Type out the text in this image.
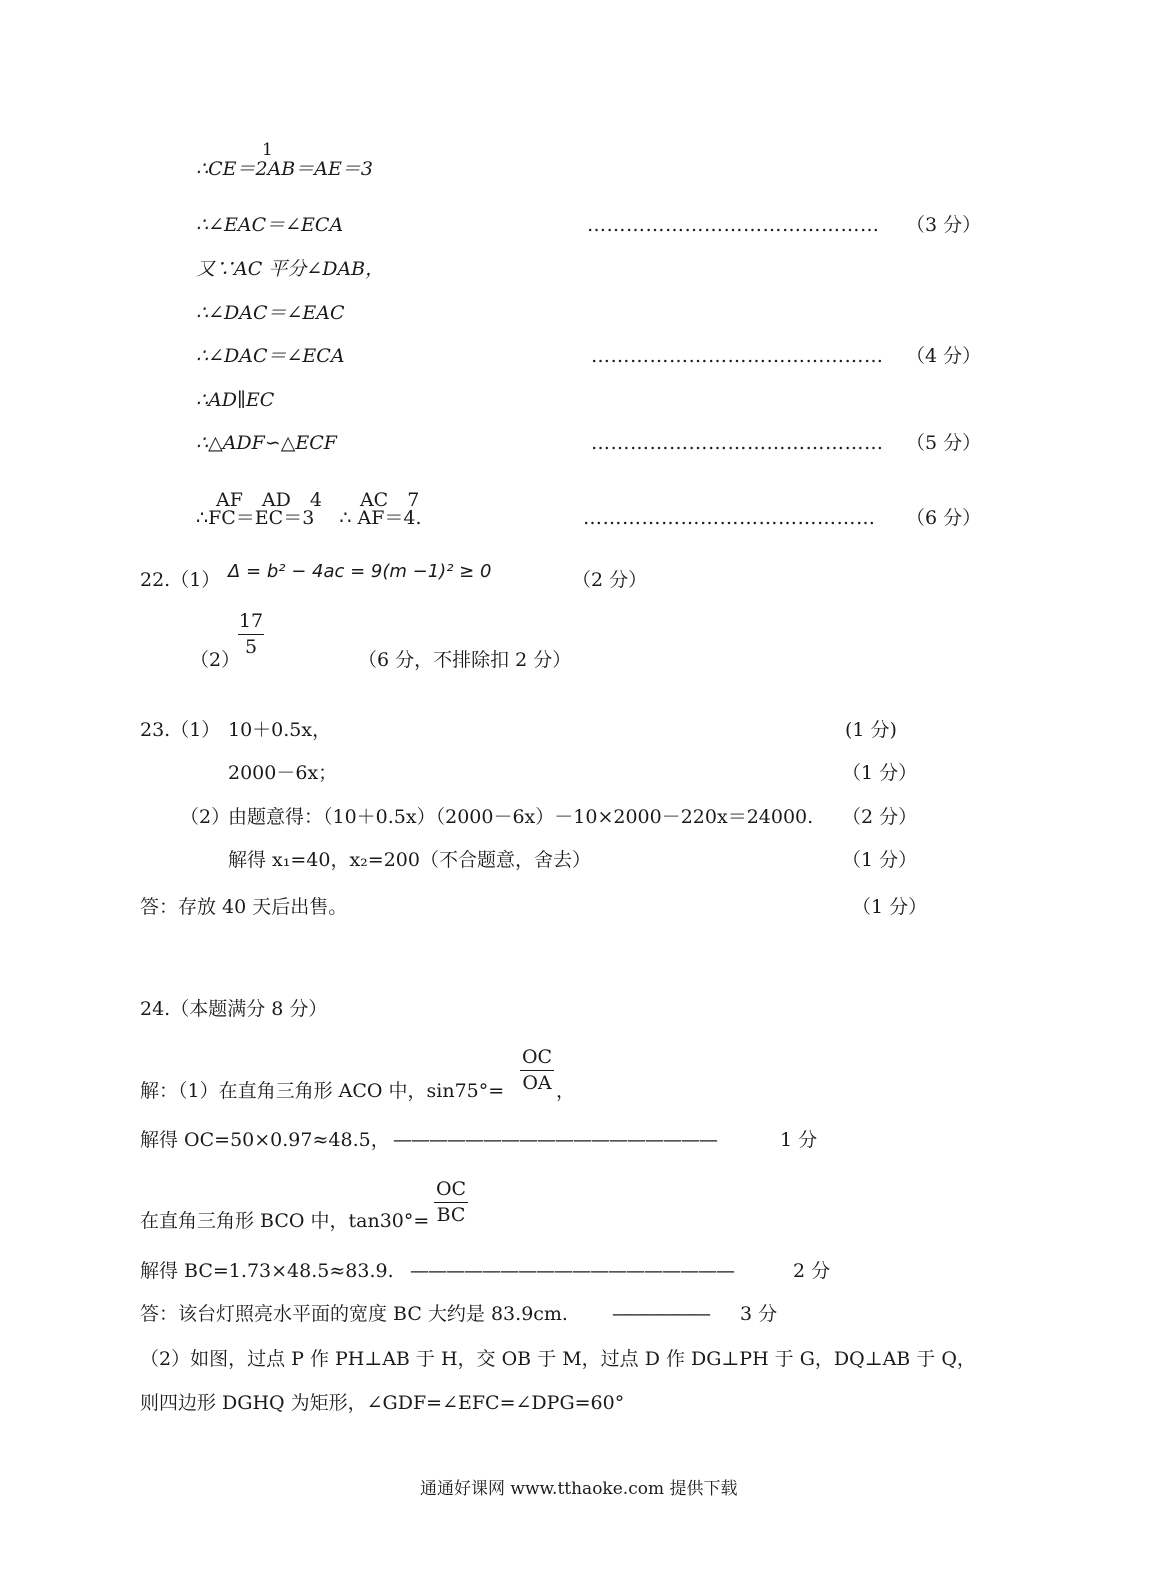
1
∴CE＝2AB＝AE＝3
∴∠EAC＝∠ECA	……………………………………… （3 分）
又∵AC 平分∠DAB，
∴∠DAC＝∠EAC
∴∠DAC＝∠ECA	……………………………………… （4 分）
∴AD∥EC
∴△ADF∽△ECF	……………………………………… （5 分）
AF　AD　4　　AC　7
∴FC＝EC＝3　 ∴ AF＝4.	……………………………………… （6 分）
22.（1） Δ = b² − 4ac = 9(m −1)² ≥ 0	（2 分）
（2）
17
5
（6 分，不排除扣 2 分）
23.（1） 10＋0.5x，	(1 分)
2000－6x；	（1 分）
（2）
由题意得：（10＋0.5x）（2000－6x）－10×2000－220x＝24000. （2 分）
解得 x₁=40，x₂=200（不合题意，舍去）	（1 分）
答：存放 40 天后出售。	（1 分）
24.（本题满分 8 分）
解：（1）在直角三角形 ACO 中，sin75°=
OC
OA ，
解得 OC=50×0.97≈48.5， ——————————————————	1 分
在直角三角形 BCO 中，tan30°=
OC
BC
解得 BC=1.73×48.5≈83.9. ——————————————————	2 分
答：该台灯照亮水平面的宽度 BC 大约是 83.9cm. —————— 3 分
（2）如图，过点 P 作 PH⊥AB 于 H，交 OB 于 M，过点 D 作 DG⊥PH 于 G，DQ⊥AB 于 Q，
则四边形 DGHQ 为矩形，∠GDF=∠EFC=∠DPG=60°
通通好课网 www.tthaoke.com 提供下载
